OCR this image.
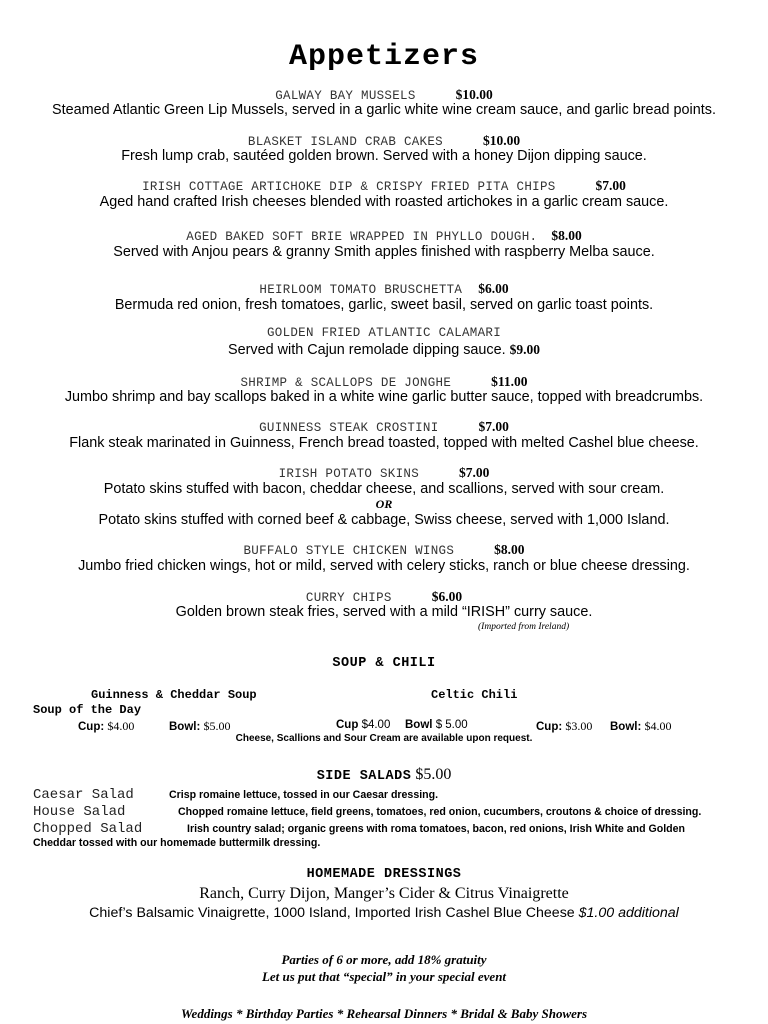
Appetizers
GALWAY BAY MUSSELS	$10.00
Steamed Atlantic Green Lip Mussels, served in a garlic white wine cream sauce, and garlic bread points.
BLASKET ISLAND CRAB CAKES	$10.00
Fresh lump crab, sautéed golden brown. Served with a honey Dijon dipping sauce.
IRISH COTTAGE ARTICHOKE DIP & CRISPY FRIED PITA CHIPS	$7.00
Aged hand crafted Irish cheeses blended with roasted artichokes in a garlic cream sauce.
AGED BAKED SOFT BRIE WRAPPED IN PHYLLO DOUGH. $8.00
Served with Anjou pears & granny Smith apples finished with raspberry Melba sauce.
HEIRLOOM TOMATO BRUSCHETTA $6.00
Bermuda red onion, fresh tomatoes, garlic, sweet basil, served on garlic toast points.
GOLDEN FRIED ATLANTIC CALAMARI
Served with Cajun remolade dipping sauce. $9.00
SHRIMP & SCALLOPS DE JONGHE	$11.00
Jumbo shrimp and bay scallops baked in a white wine garlic butter sauce, topped with breadcrumbs.
GUINNESS STEAK CROSTINI	$7.00
Flank steak marinated in Guinness, French bread toasted, topped with melted Cashel blue cheese.
IRISH POTATO SKINS	$7.00
Potato skins stuffed with bacon, cheddar cheese, and scallions, served with sour cream.
OR
Potato skins stuffed with corned beef & cabbage, Swiss cheese, served with 1,000 Island.
BUFFALO STYLE CHICKEN WINGS	$8.00
Jumbo fried chicken wings, hot or mild, served with celery sticks, ranch or blue cheese dressing.
CURRY CHIPS	$6.00
Golden brown steak fries, served with a mild “IRISH” curry sauce.
(Imported from Ireland)
SOUP & CHILI
Guinness & Cheddar Soup	Celtic Chili
Soup of the Day
Cup: $4.00	Bowl: $5.00	Cup $4.00 Bowl $ 5.00	Cup: $3.00 Bowl: $4.00
Cheese, Scallions and Sour Cream are available upon request.
SIDE SALADS $5.00
Caesar Salad	Crisp romaine lettuce, tossed in our Caesar dressing.
House Salad	Chopped romaine lettuce, field greens, tomatoes, red onion, cucumbers, croutons & choice of dressing.
Chopped Salad	Irish country salad; organic greens with roma tomatoes, bacon, red onions, Irish White and Golden
Cheddar tossed with our homemade buttermilk dressing.
HOMEMADE DRESSINGS
Ranch, Curry Dijon, Manger’s Cider & Citrus Vinaigrette
Chief’s Balsamic Vinaigrette, 1000 Island, Imported Irish Cashel Blue Cheese $1.00 additional
Parties of 6 or more, add 18% gratuity
Let us put that “special” in your special event
Weddings * Birthday Parties * Rehearsal Dinners * Bridal & Baby Showers
